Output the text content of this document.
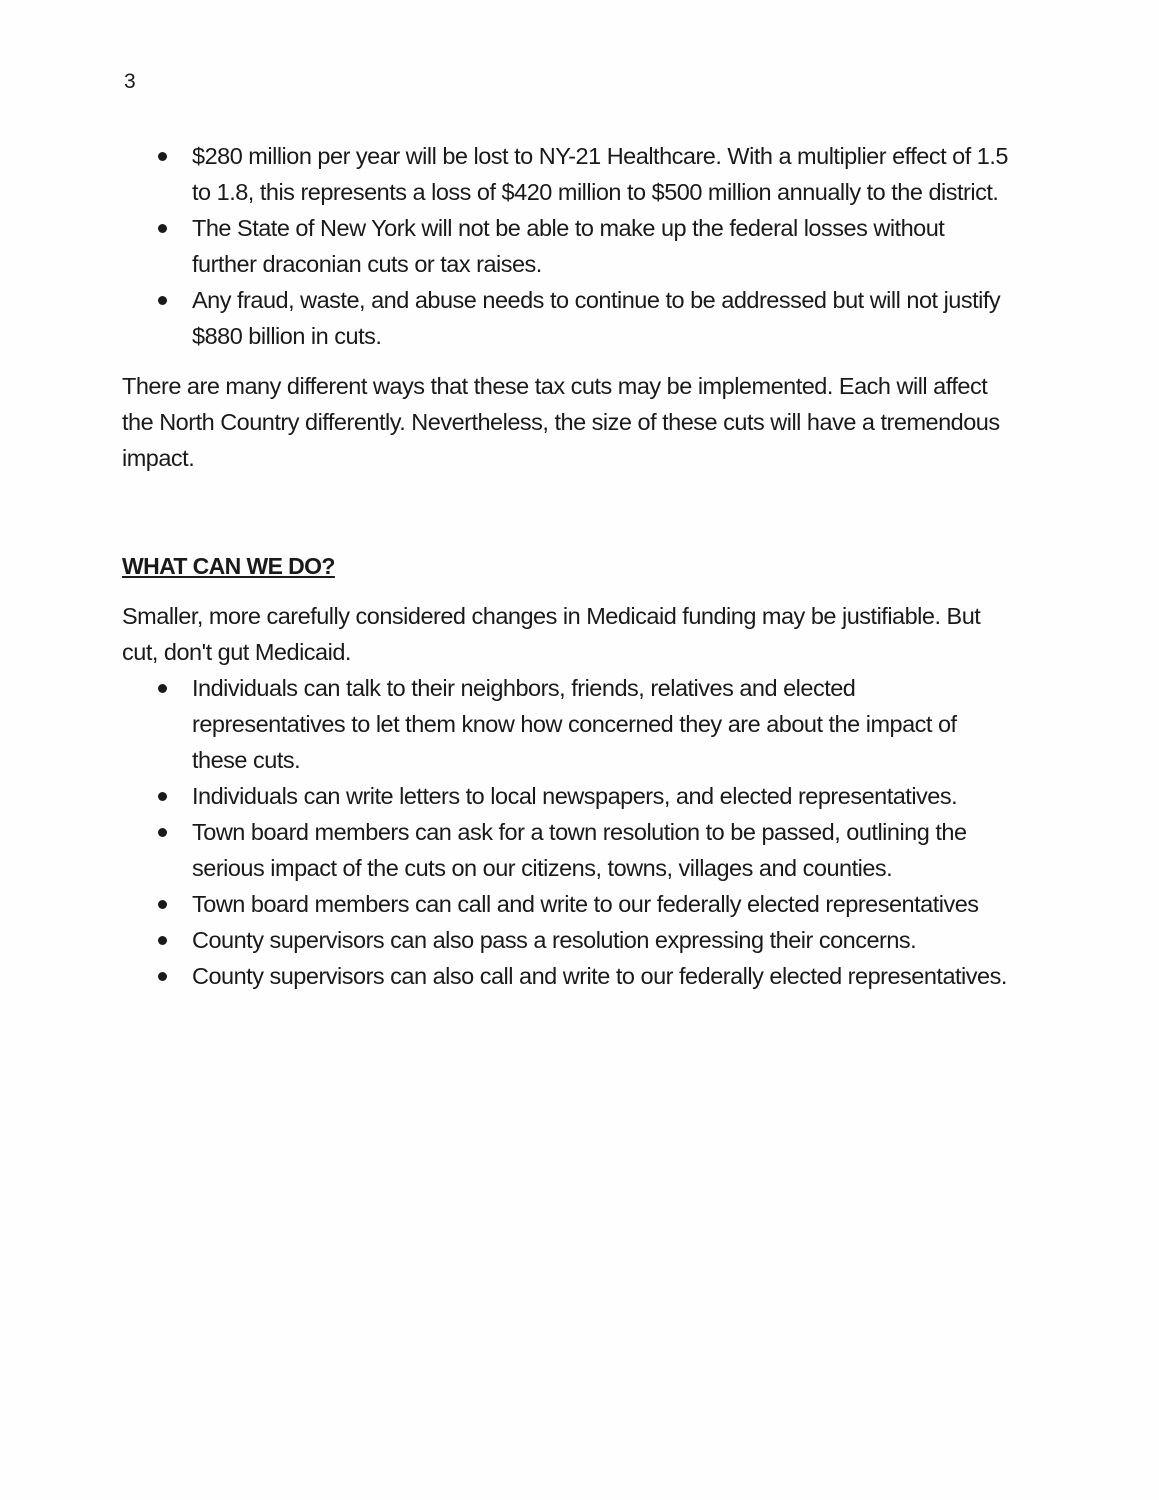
3
$280 million per year will be lost to NY-21 Healthcare. With a multiplier effect of 1.5 to 1.8, this represents a loss of $420 million to $500 million annually to the district.
The State of New York will not be able to make up the federal losses without further draconian cuts or tax raises.
Any fraud, waste, and abuse needs to continue to be addressed but will not justify $880 billion in cuts.

There are many different ways that these tax cuts may be implemented. Each will affect the North Country differently. Nevertheless, the size of these cuts will have a tremendous impact.

WHAT CAN WE DO?

Smaller, more carefully considered changes in Medicaid funding may be justifiable. But cut, don't gut Medicaid.

Individuals can talk to their neighbors, friends, relatives and elected representatives to let them know how concerned they are about the impact of these cuts.
Individuals can write letters to local newspapers, and elected representatives.
Town board members can ask for a town resolution to be passed, outlining the serious impact of the cuts on our citizens, towns, villages and counties.
Town board members can call and write to our federally elected representatives
County supervisors can also pass a resolution expressing their concerns.
County supervisors can also call and write to our federally elected representatives.
